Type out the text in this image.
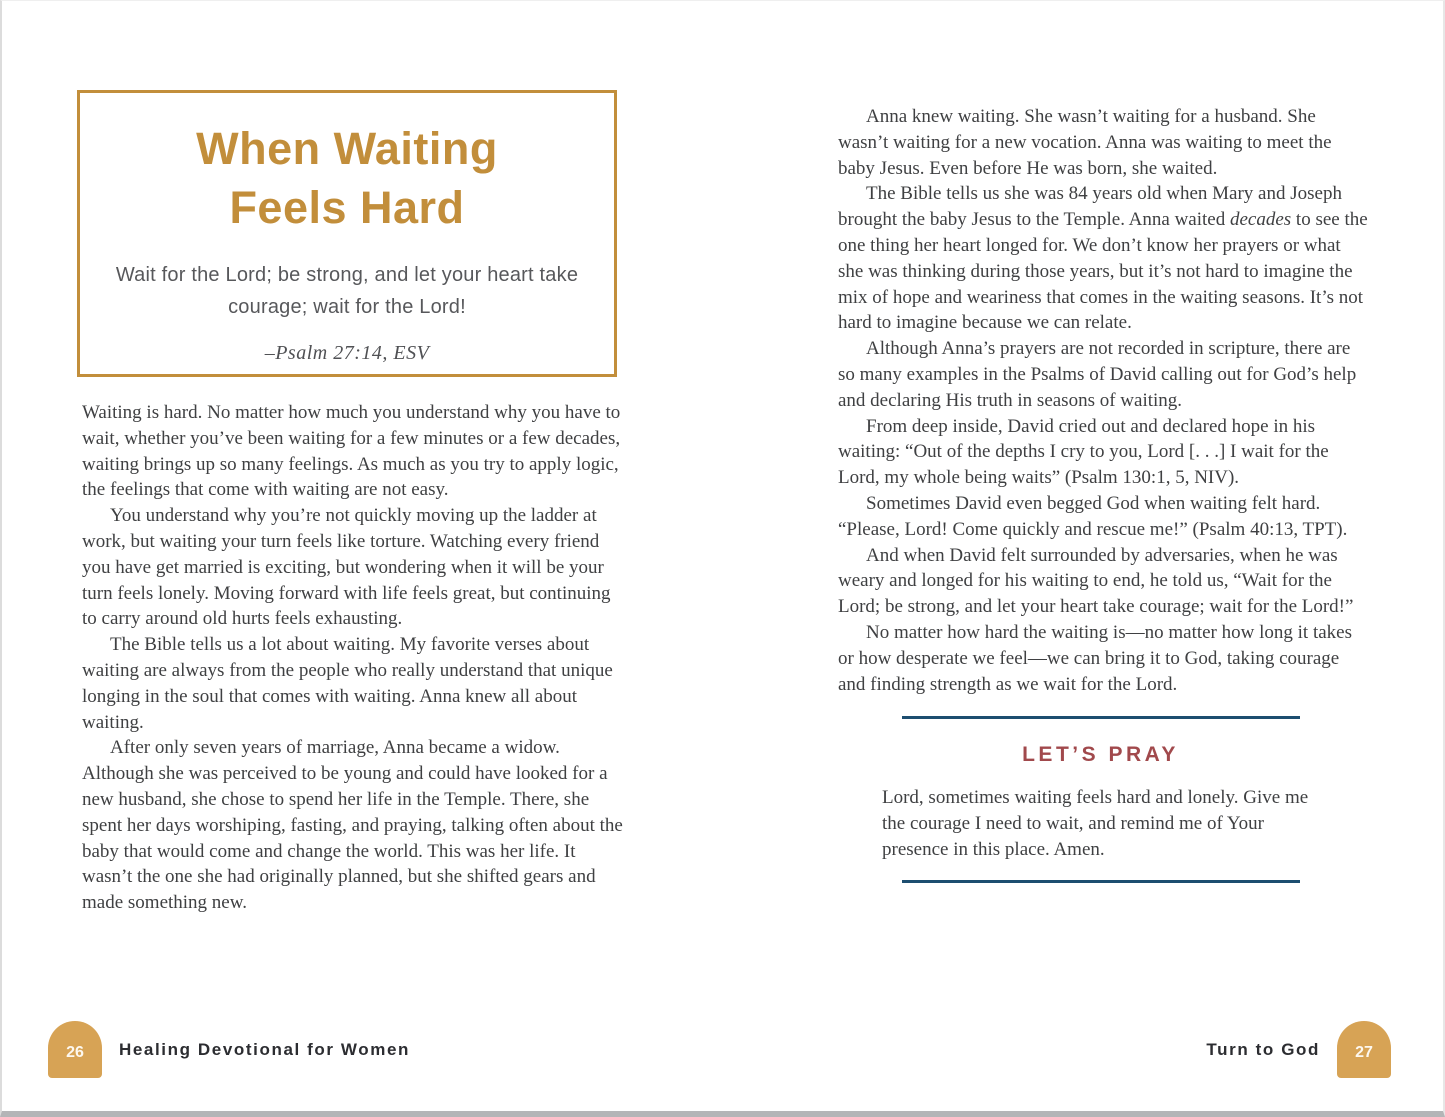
When Waiting
Feels Hard
Wait for the Lord; be strong, and let your heart take courage; wait for the Lord!
–Psalm 27:14, ESV

Waiting is hard. No matter how much you understand why you have to wait, whether you’ve been waiting for a few minutes or a few decades, waiting brings up so many feelings. As much as you try to apply logic, the feelings that come with waiting are not easy.

You understand why you’re not quickly moving up the ladder at work, but waiting your turn feels like torture. Watching every friend you have get married is exciting, but wondering when it will be your turn feels lonely. Moving forward with life feels great, but continuing to carry around old hurts feels exhausting.

The Bible tells us a lot about waiting. My favorite verses about waiting are always from the people who really understand that unique longing in the soul that comes with waiting. Anna knew all about waiting.

After only seven years of marriage, Anna became a widow. Although she was perceived to be young and could have looked for a new husband, she chose to spend her life in the Temple. There, she spent her days worshiping, fasting, and praying, talking often about the baby that would come and change the world. This was her life. It wasn’t the one she had originally planned, but she shifted gears and made something new.

26 Healing Devotional for Women

Anna knew waiting. She wasn’t waiting for a husband. She wasn’t waiting for a new vocation. Anna was waiting to meet the baby Jesus. Even before He was born, she waited.

The Bible tells us she was 84 years old when Mary and Joseph brought the baby Jesus to the Temple. Anna waited decades to see the one thing her heart longed for. We don’t know her prayers or what she was thinking during those years, but it’s not hard to imagine the mix of hope and weariness that comes in the waiting seasons. It’s not hard to imagine because we can relate.

Although Anna’s prayers are not recorded in scripture, there are so many examples in the Psalms of David calling out for God’s help and declaring His truth in seasons of waiting.

From deep inside, David cried out and declared hope in his waiting: “Out of the depths I cry to you, Lord [. . .] I wait for the Lord, my whole being waits” (Psalm 130:1, 5, NIV).

Sometimes David even begged God when waiting felt hard. “Please, Lord! Come quickly and rescue me!” (Psalm 40:13, TPT).

And when David felt surrounded by adversaries, when he was weary and longed for his waiting to end, he told us, “Wait for the Lord; be strong, and let your heart take courage; wait for the Lord!”

No matter how hard the waiting is—no matter how long it takes or how desperate we feel—we can bring it to God, taking courage and finding strength as we wait for the Lord.

LET’S PRAY
Lord, sometimes waiting feels hard and lonely. Give me the courage I need to wait, and remind me of Your presence in this place. Amen.
Turn to God 27
